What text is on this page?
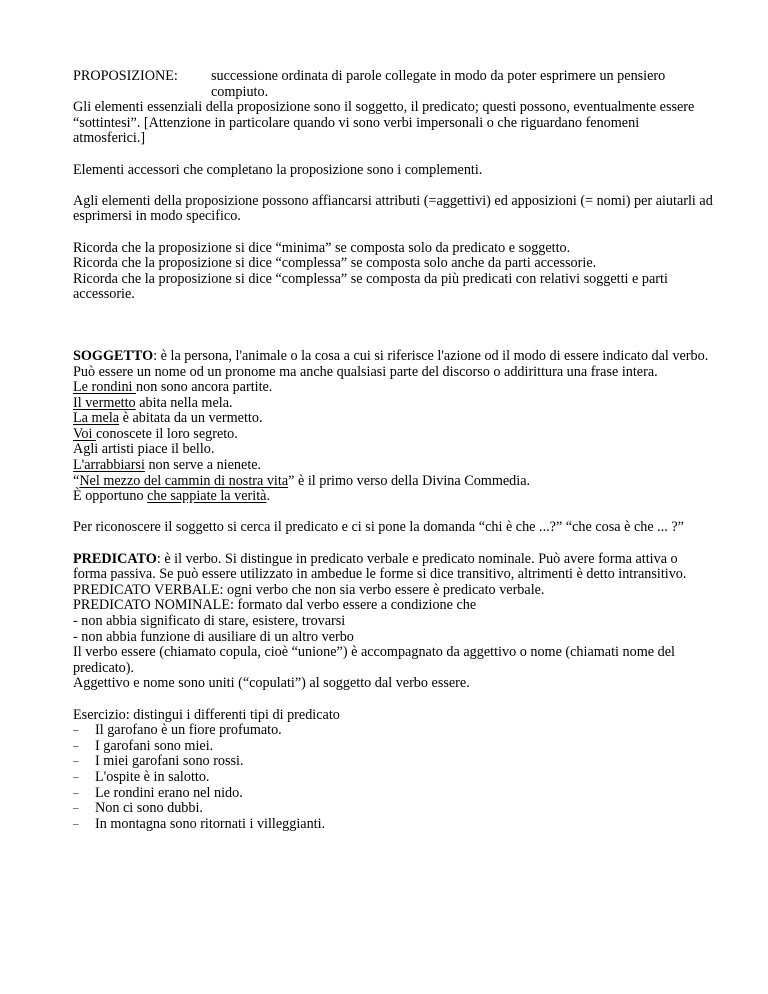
PROPOSIZIONE:	successione ordinata di parole collegate in modo da poter esprimere un pensiero compiuto.

Gli elementi essenziali della proposizione sono il soggetto, il predicato; questi possono, eventualmente essere “sottintesi”. [Attenzione in particolare quando vi sono verbi impersonali o che riguardano fenomeni atmosferici.]

Elementi accessori che completano la proposizione sono i complementi.

Agli elementi della proposizione possono affiancarsi attributi (=aggettivi) ed apposizioni (= nomi) per aiutarli ad esprimersi in modo specifico.

Ricorda che la proposizione si dice “minima” se composta solo da predicato e soggetto.

Ricorda che la proposizione si dice “complessa” se composta solo anche da parti accessorie.

Ricorda che la proposizione si dice “complessa” se composta da più predicati con relativi soggetti e parti accessorie.

SOGGETTO: è la persona, l'animale o la cosa a cui si riferisce l'azione od il modo di essere indicato dal verbo. Può essere un nome od un pronome ma anche qualsiasi parte del discorso o addirittura una frase intera.

Le rondini non sono ancora partite.

Il vermetto abita nella mela.

La mela è abitata da un vermetto.

Voi conoscete il loro segreto.

Agli artisti piace il bello.

L'arrabbiarsi non serve a nienete.

“Nel mezzo del cammin di nostra vita” è il primo verso della Divina Commedia.

È opportuno che sappiate la verità.

Per riconoscere il soggetto si cerca il predicato e ci si pone la domanda “chi è che ...?” “che cosa è che ... ?”

PREDICATO: è il verbo. Si distingue in predicato verbale e predicato nominale. Può avere forma attiva o forma passiva. Se può essere utilizzato in ambedue le forme si dice transitivo, altrimenti è detto intransitivo.

PREDICATO VERBALE: ogni verbo che non sia verbo essere è predicato verbale.

PREDICATO NOMINALE: formato dal verbo essere a condizione che

- non abbia significato di stare, esistere, trovarsi

- non abbia funzione di ausiliare di un altro verbo

Il verbo essere (chiamato copula, cioè “unione”) è accompagnato da aggettivo o nome (chiamati nome del predicato).

Aggettivo e nome sono uniti (“copulati”) al soggetto dal verbo essere.

Esercizio: distingui i differenti tipi di predicato

–	Il garofano è un fiore profumato.
–	I garofani sono miei.
–	I miei garofani sono rossi.
–	L'ospite è in salotto.
–	Le rondini erano nel nido.
–	Non ci sono dubbi.
–	In montagna sono ritornati i villeggianti.
